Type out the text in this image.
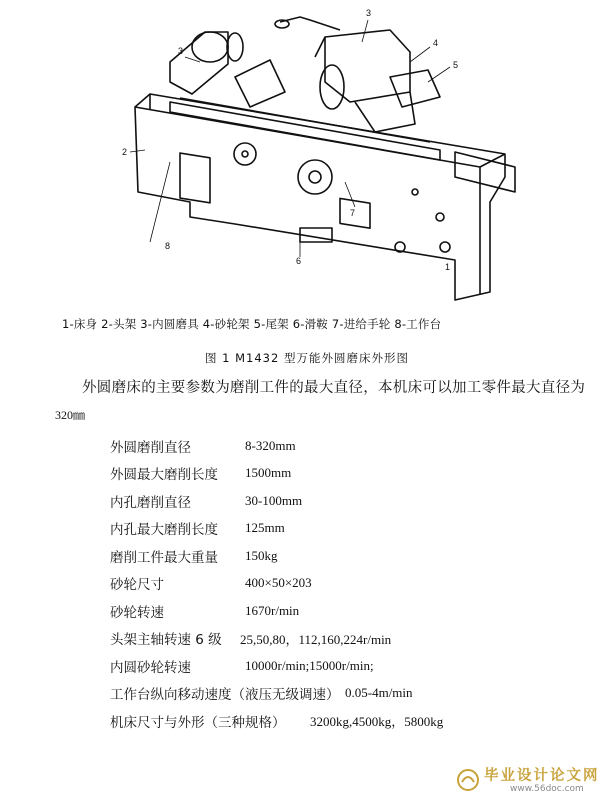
3
4
5
3
2
8
7
6
1
1-床身 2-头架 3-内圆磨具 4-砂轮架 5-尾架 6-滑鞍 7-进给手轮 8-工作台
图 1 M1432 型万能外圆磨床外形图
外圆磨床的主要参数为磨削工件的最大直径，本机床可以加工零件最大直径为
320㎜
外圆磨削直径	8-320mm
外圆最大磨削长度	1500mm
内孔磨削直径	30-100mm
内孔最大磨削长度	125mm
磨削工件最大重量	150kg
砂轮尺寸	400×50×203
砂轮转速	1670r/min
头架主轴转速 6 级	25,50,80，112,160,224r/min
内圆砂轮转速	10000r/min;15000r/min;
工作台纵向移动速度（液压无级调速） 0.05-4m/min
机床尺寸与外形（三种规格）	3200kg,4500kg，5800kg
毕业设计论文网
www.56doc.com
